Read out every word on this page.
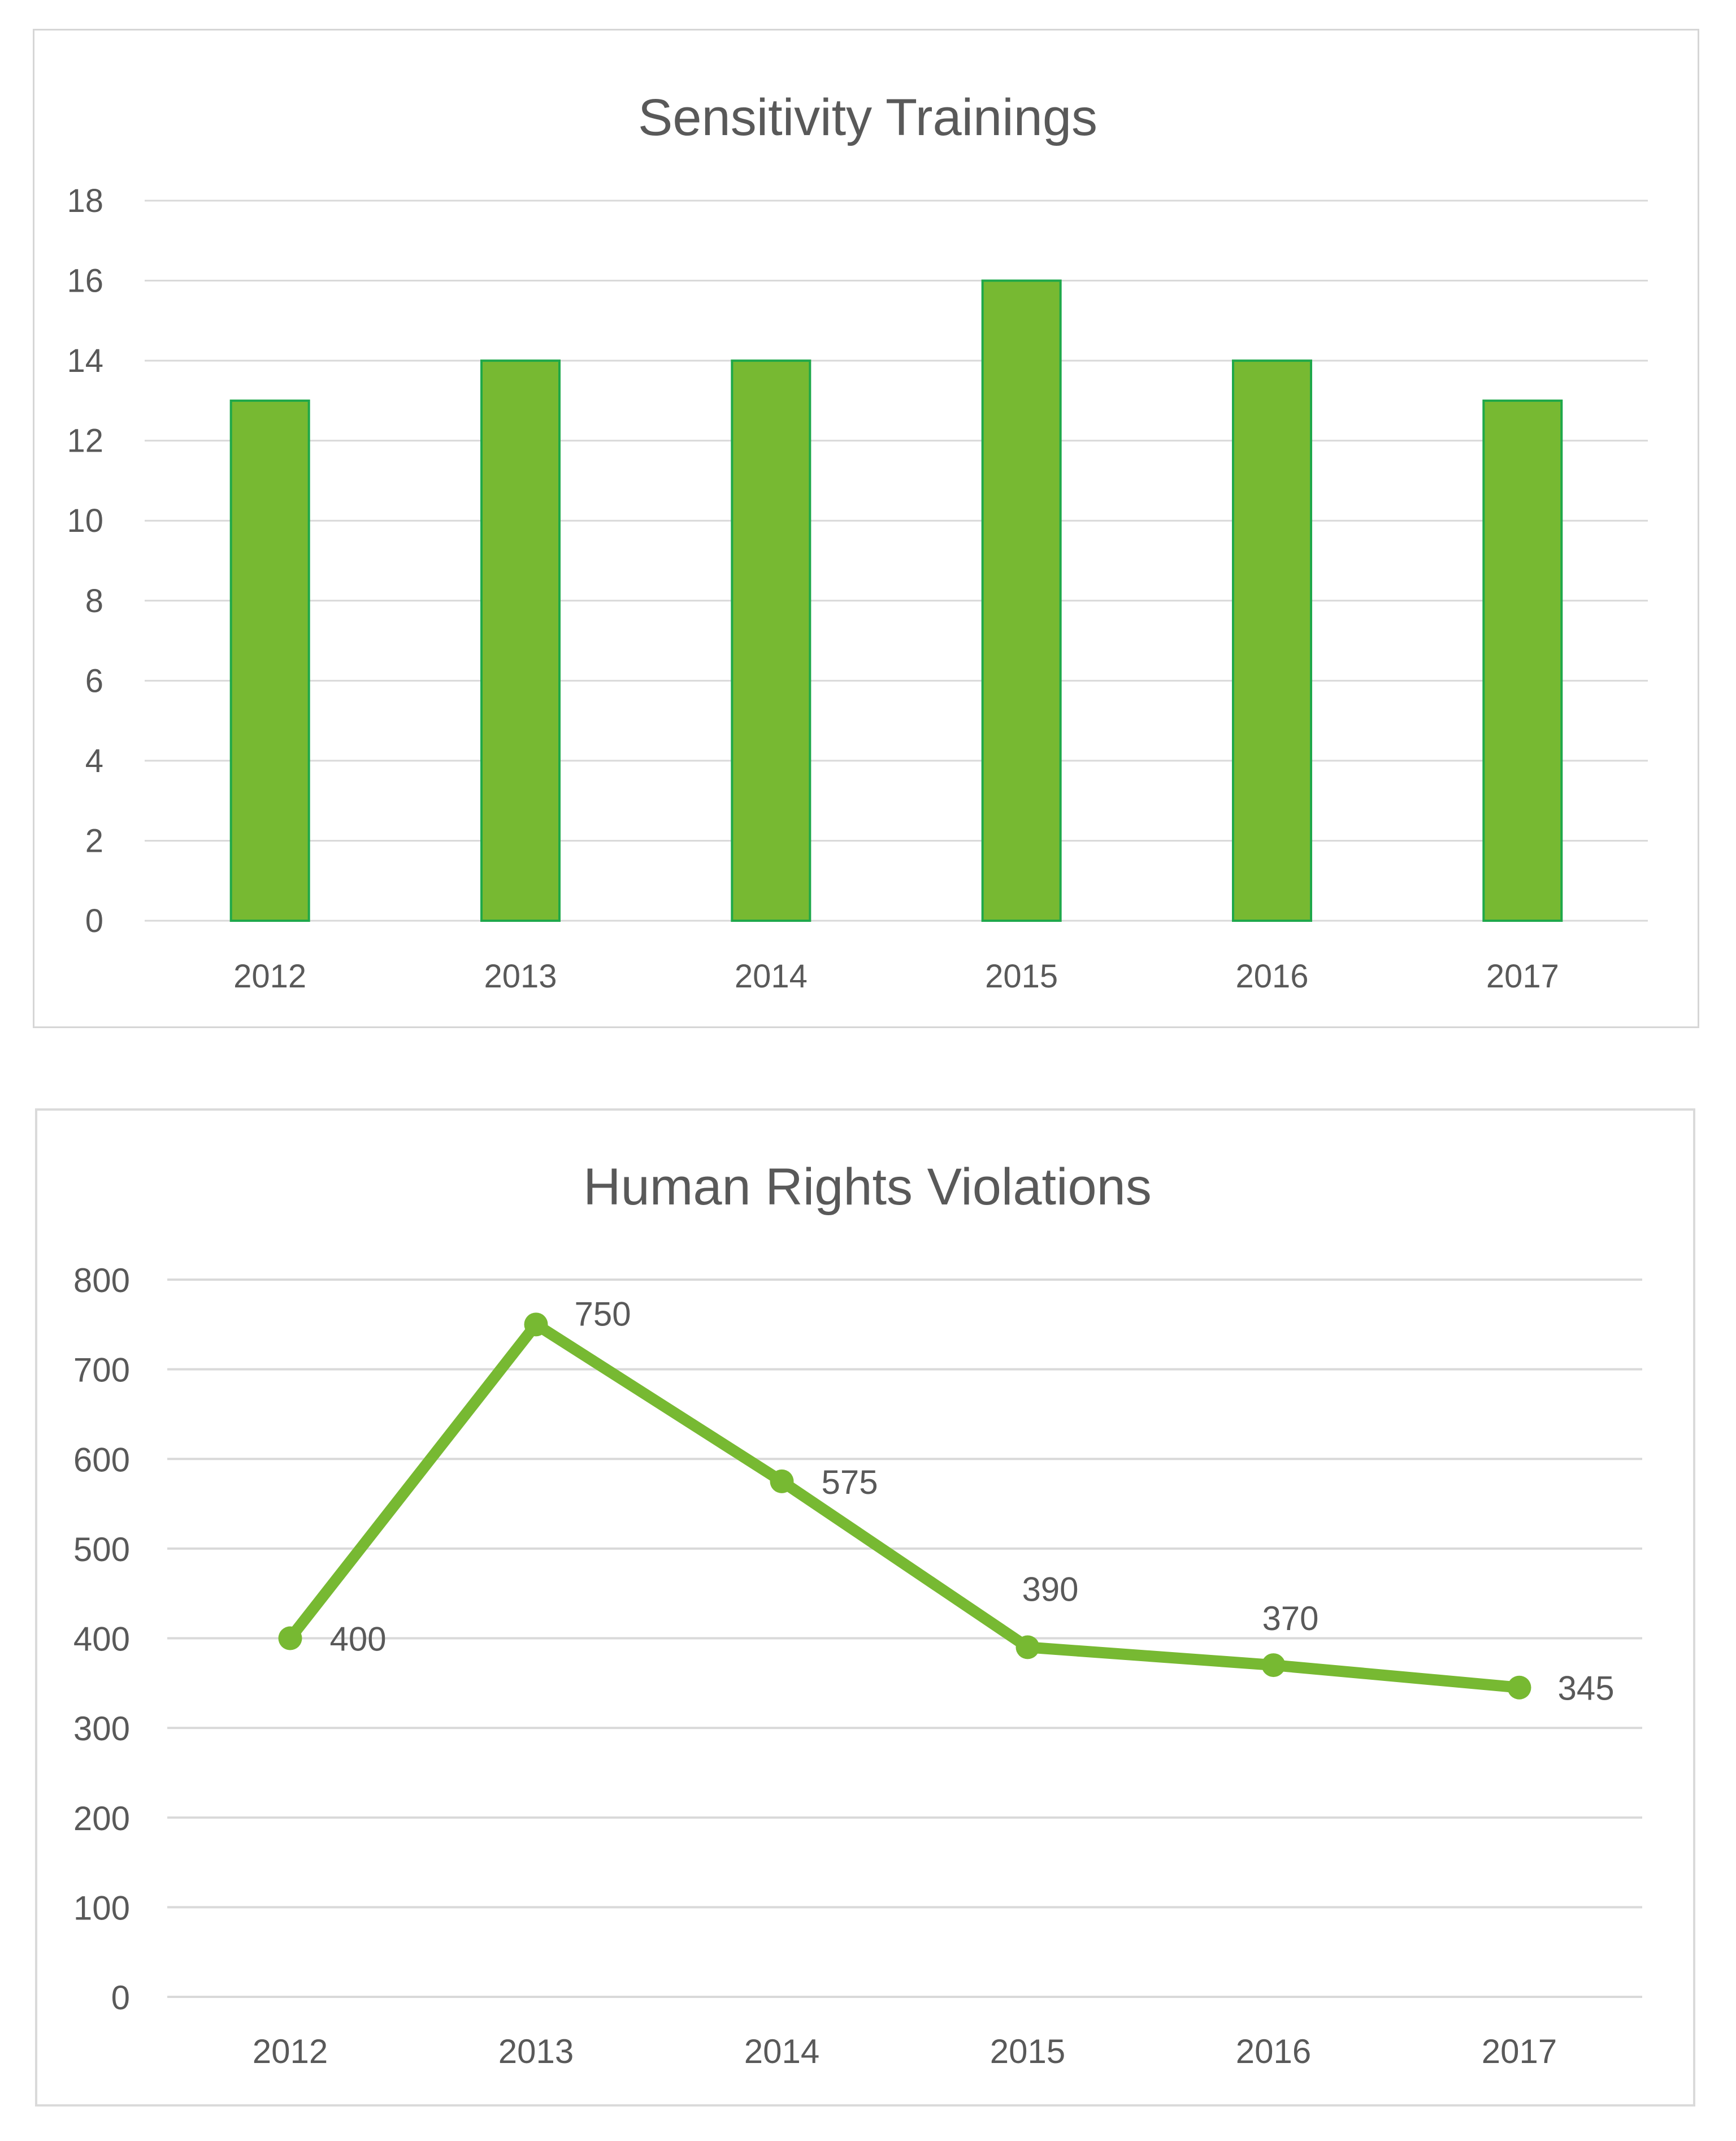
Sensitivity Trainings
0
2
4
6
8
10
12
14
16
18
2012	2013	2014	2015	2016	2017
Human Rights Violations
400
750
575
390
370
345
0
100
200
300
400
500
600
700
800
2012	2013	2014	2015	2016	2017
